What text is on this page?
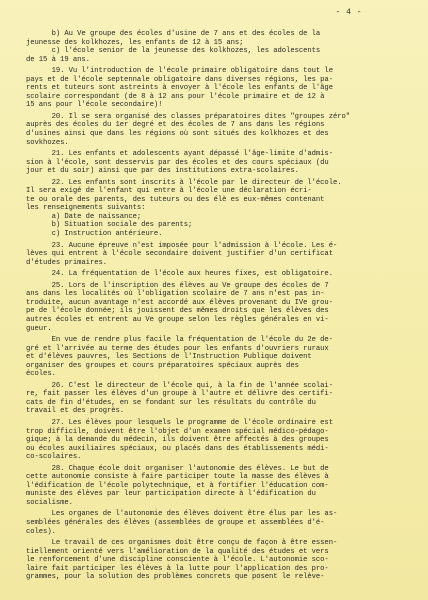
- 4 -
b) Au Ve groupe des écoles d'usine de 7 ans et des écoles de la
jeunesse des kolkhozes, les enfants de 12 à 15 ans;
c) l'école senior de la jeunesse des kolkhozes, les adolescents
de 15 à 19 ans.
19. Vu l'introduction de l'école primaire obligatoire dans tout le
pays et de l'école septennale obligatoire dans diverses régions, les pa-
rents et tuteurs sont astreints à envoyer à l'école les enfants de l'âge
scolaire correspondant (de 8 à 12 ans pour l'école primaire et de 12 à
15 ans pour l'école secondaire)!
20. Il se sera organisé des classes préparatoires dites "groupes zéro"
auprès des écoles du 1er degré et des écoles de 7 ans dans les régions
d'usines ainsi que dans les régions où sont situés des kolkhozes et des
sovkhozes.
21. Les enfants et adolescents ayant dépassé l'âge-limite d'admis-
sion à l'école, sont desservis par des écoles et des cours spéciaux (du
jour et du soir) ainsi que par des institutions extra-scolaires.
22. Les enfants sont inscrits à l'école par le directeur de l'école.
Il sera exigé de l'enfant qui entre à l'école une déclaration écri-
te ou orale des parents, des tuteurs ou des élè es eux-mêmes contenant
les renseignements suivants:
a) Date de naissance;
b) Situation sociale des parents;
c) Instruction antérieure.
23. Aucune épreuve n'est imposée pour l'admission à l'école. Les é-
lèves qui entrent à l'école secondaire doivent justifier d'un certificat
d'études primaires.
24. La fréquentation de l'école aux heures fixes, est obligatoire.
25. Lors de l'inscription des élèves au Ve groupe des écoles de 7
ans dans les localités où l'obligation scolaire de 7 ans n'est pas in-
troduite, aucun avantage n'est accordé aux élèves provenant du IVe grou-
pe de l'école donnée; ils jouissent des mêmes droits que les élèves des
autres écoles et entrent au Ve groupe selon les règles générales en vi-
gueur.
En vue de rendre plus facile la fréquentation de l'école du 2e de-
gré et l'arrivée au terme des études pour les enfants d'ouvriers ruraux
et d'élèves pauvres, les Sections de l'Instruction Publique doivent
organiser des groupes et cours préparatoires spéciaux auprès des
écoles.
26. C'est le directeur de l'école qui, à la fin de l'année scolai-
re, fait passer les élèves d'un groupe à l'autre et délivre des certifi-
cats de fin d'études, en se fondant sur les résultats du contrôle du
travail et des progrès.
27. Les élèves pour lesquels le programme de l'école ordinaire est
trop difficile, doivent être l'objet d'un examen spécial médico-pédago-
gique; à la demande du médecin, ils doivent être affectés à des groupes
ou écoles auxiliaires spéciaux, ou placés dans des établissements médi-
co-scolaires.
28. Chaque école doit organiser l'autonomie des élèves. Le but de
cette autonomie consiste à faire participer toute la masse des élèves à
l'édification de l'école polytechnique, et à fortifier l'éducation com-
muniste des élèves par leur participation directe à l'édification du
socialisme.
Les organes de l'autonomie des élèves doivent être élus par les as-
semblées générales des élèves (assemblées de groupe et assemblées d'é-
coles).
Le travail de ces organismes doit être conçu de façon à être essen-
tiellement orienté vers l'amélioration de la qualité des études et vers
le renforcement d'une discipline consciente à l'école. L'autonomie sco-
laire fait participer les élèves à la lutte pour l'application des pro-
grammes, pour la solution des problèmes concrets que posent le relève-
